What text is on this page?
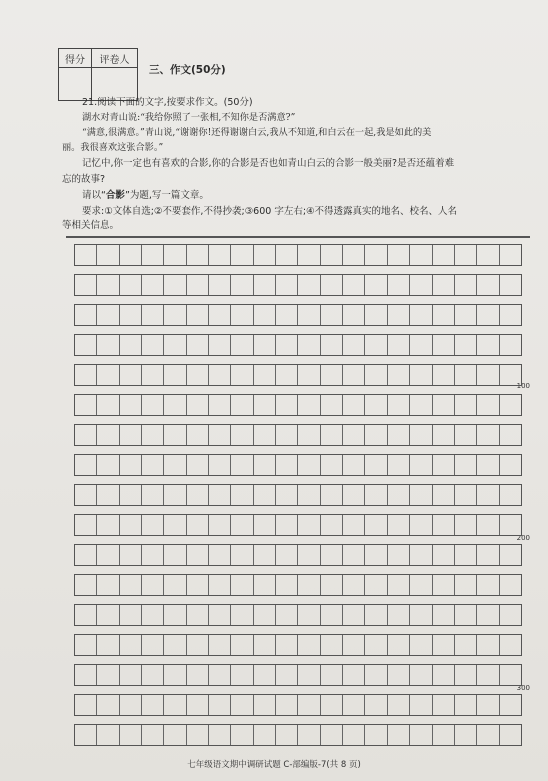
得分	评卷人

三、作文(50分)
21.阅读下面的文字,按要求作文。(50分)
湖水对青山说:“我给你照了一张相,不知你是否满意?”
“满意,很满意。”青山说,“谢谢你!还得谢谢白云,我从不知道,和白云在一起,我是如此的美
丽。我很喜欢这张合影。”
记忆中,你一定也有喜欢的合影,你的合影是否也如青山白云的合影一般美丽?是否还蕴着难
忘的故事?
请以“合影”为题,写一篇文章。
要求:①文体自选;②不要套作,不得抄袭;③600 字左右;④不得透露真实的地名、校名、人名
等相关信息。
100
200
300
七年级语文期中调研试题 C-部编版-7(共 8 页)
